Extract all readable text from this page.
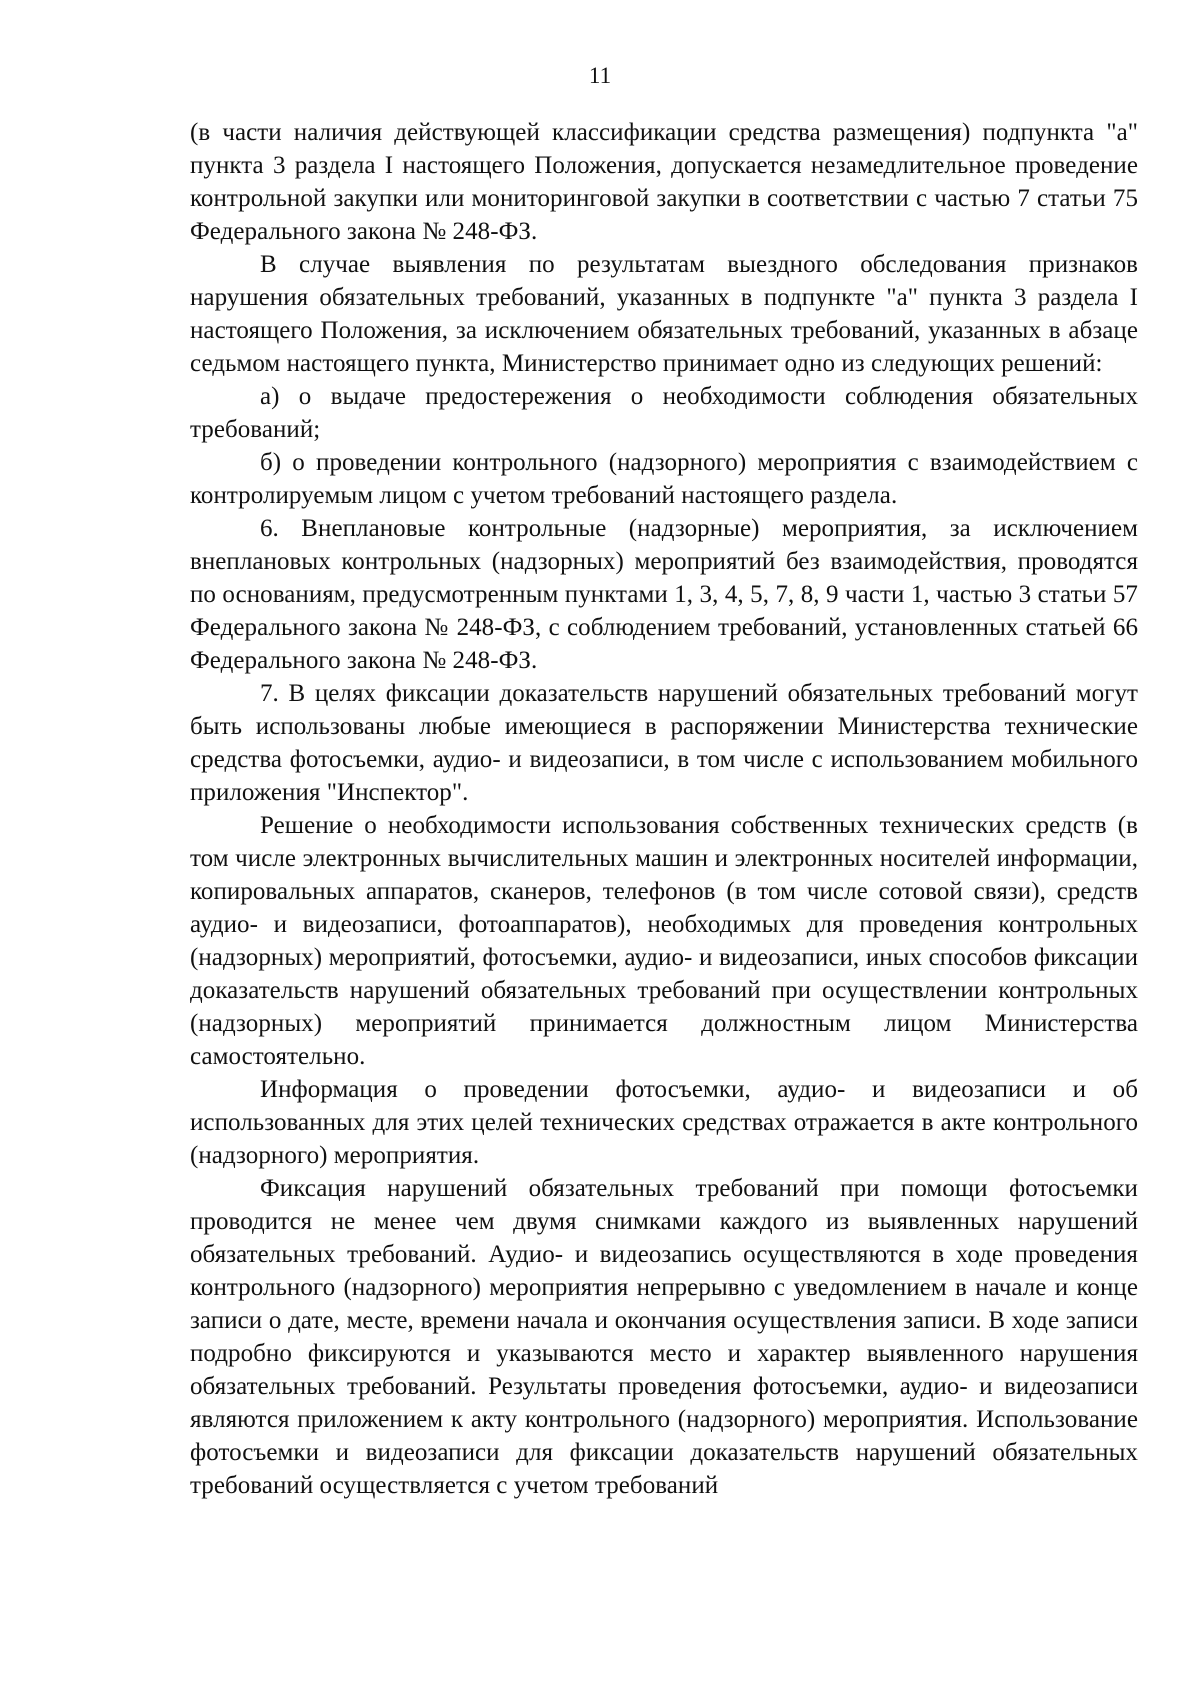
11

(в части наличия действующей классификации средства размещения) подпункта "а" пункта 3 раздела I настоящего Положения, допускается незамедлительное проведение контрольной закупки или мониторинговой закупки в соответствии с частью 7 статьи 75 Федерального закона № 248-ФЗ.

В случае выявления по результатам выездного обследования признаков нарушения обязательных требований, указанных в подпункте "а" пункта 3 раздела I настоящего Положения, за исключением обязательных требований, указанных в абзаце седьмом настоящего пункта, Министерство принимает одно из следующих решений:

а) о выдаче предостережения о необходимости соблюдения обязательных требований;

б) о проведении контрольного (надзорного) мероприятия с взаимодействием с контролируемым лицом с учетом требований настоящего раздела.

6. Внеплановые контрольные (надзорные) мероприятия, за исключением внеплановых контрольных (надзорных) мероприятий без взаимодействия, проводятся по основаниям, предусмотренным пунктами 1, 3, 4, 5, 7, 8, 9 части 1, частью 3 статьи 57 Федерального закона № 248-ФЗ, с соблюдением требований, установленных статьей 66 Федерального закона № 248-ФЗ.

7. В целях фиксации доказательств нарушений обязательных требований могут быть использованы любые имеющиеся в распоряжении Министерства технические средства фотосъемки, аудио- и видеозаписи, в том числе с использованием мобильного приложения "Инспектор".

Решение о необходимости использования собственных технических средств (в том числе электронных вычислительных машин и электронных носителей информации, копировальных аппаратов, сканеров, телефонов (в том числе сотовой связи), средств аудио- и видеозаписи, фотоаппаратов), необходимых для проведения контрольных (надзорных) мероприятий, фотосъемки, аудио- и видеозаписи, иных способов фиксации доказательств нарушений обязательных требований при осуществлении контрольных (надзорных) мероприятий принимается должностным лицом Министерства самостоятельно.

Информация о проведении фотосъемки, аудио- и видеозаписи и об использованных для этих целей технических средствах отражается в акте контрольного (надзорного) мероприятия.

Фиксация нарушений обязательных требований при помощи фотосъемки проводится не менее чем двумя снимками каждого из выявленных нарушений обязательных требований. Аудио- и видеозапись осуществляются в ходе проведения контрольного (надзорного) мероприятия непрерывно с уведомлением в начале и конце записи о дате, месте, времени начала и окончания осуществления записи. В ходе записи подробно фиксируются и указываются место и характер выявленного нарушения обязательных требований. Результаты проведения фотосъемки, аудио- и видеозаписи являются приложением к акту контрольного (надзорного) мероприятия. Использование фотосъемки и видеозаписи для фиксации доказательств нарушений обязательных требований осуществляется с учетом требований
